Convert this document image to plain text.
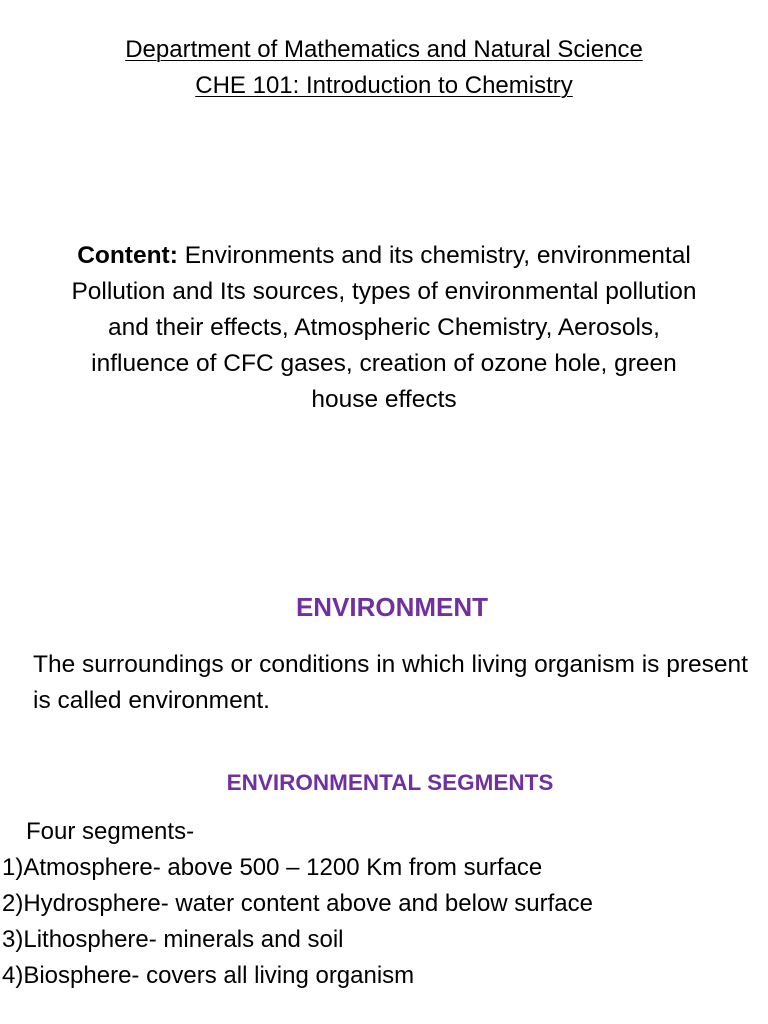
Department of Mathematics and Natural Science
CHE 101: Introduction to Chemistry
Content: Environments and its chemistry, environmental Pollution and Its sources, types of environmental pollution and their effects, Atmospheric Chemistry, Aerosols, influence of CFC gases, creation of ozone hole, green house effects
ENVIRONMENT
The surroundings or conditions in which living organism is present is called environment.
ENVIRONMENTAL SEGMENTS
Four segments-
1)Atmosphere- above 500 – 1200 Km from surface
2)Hydrosphere- water content above and below surface
3)Lithosphere- minerals and soil
4)Biosphere- covers all living organism
